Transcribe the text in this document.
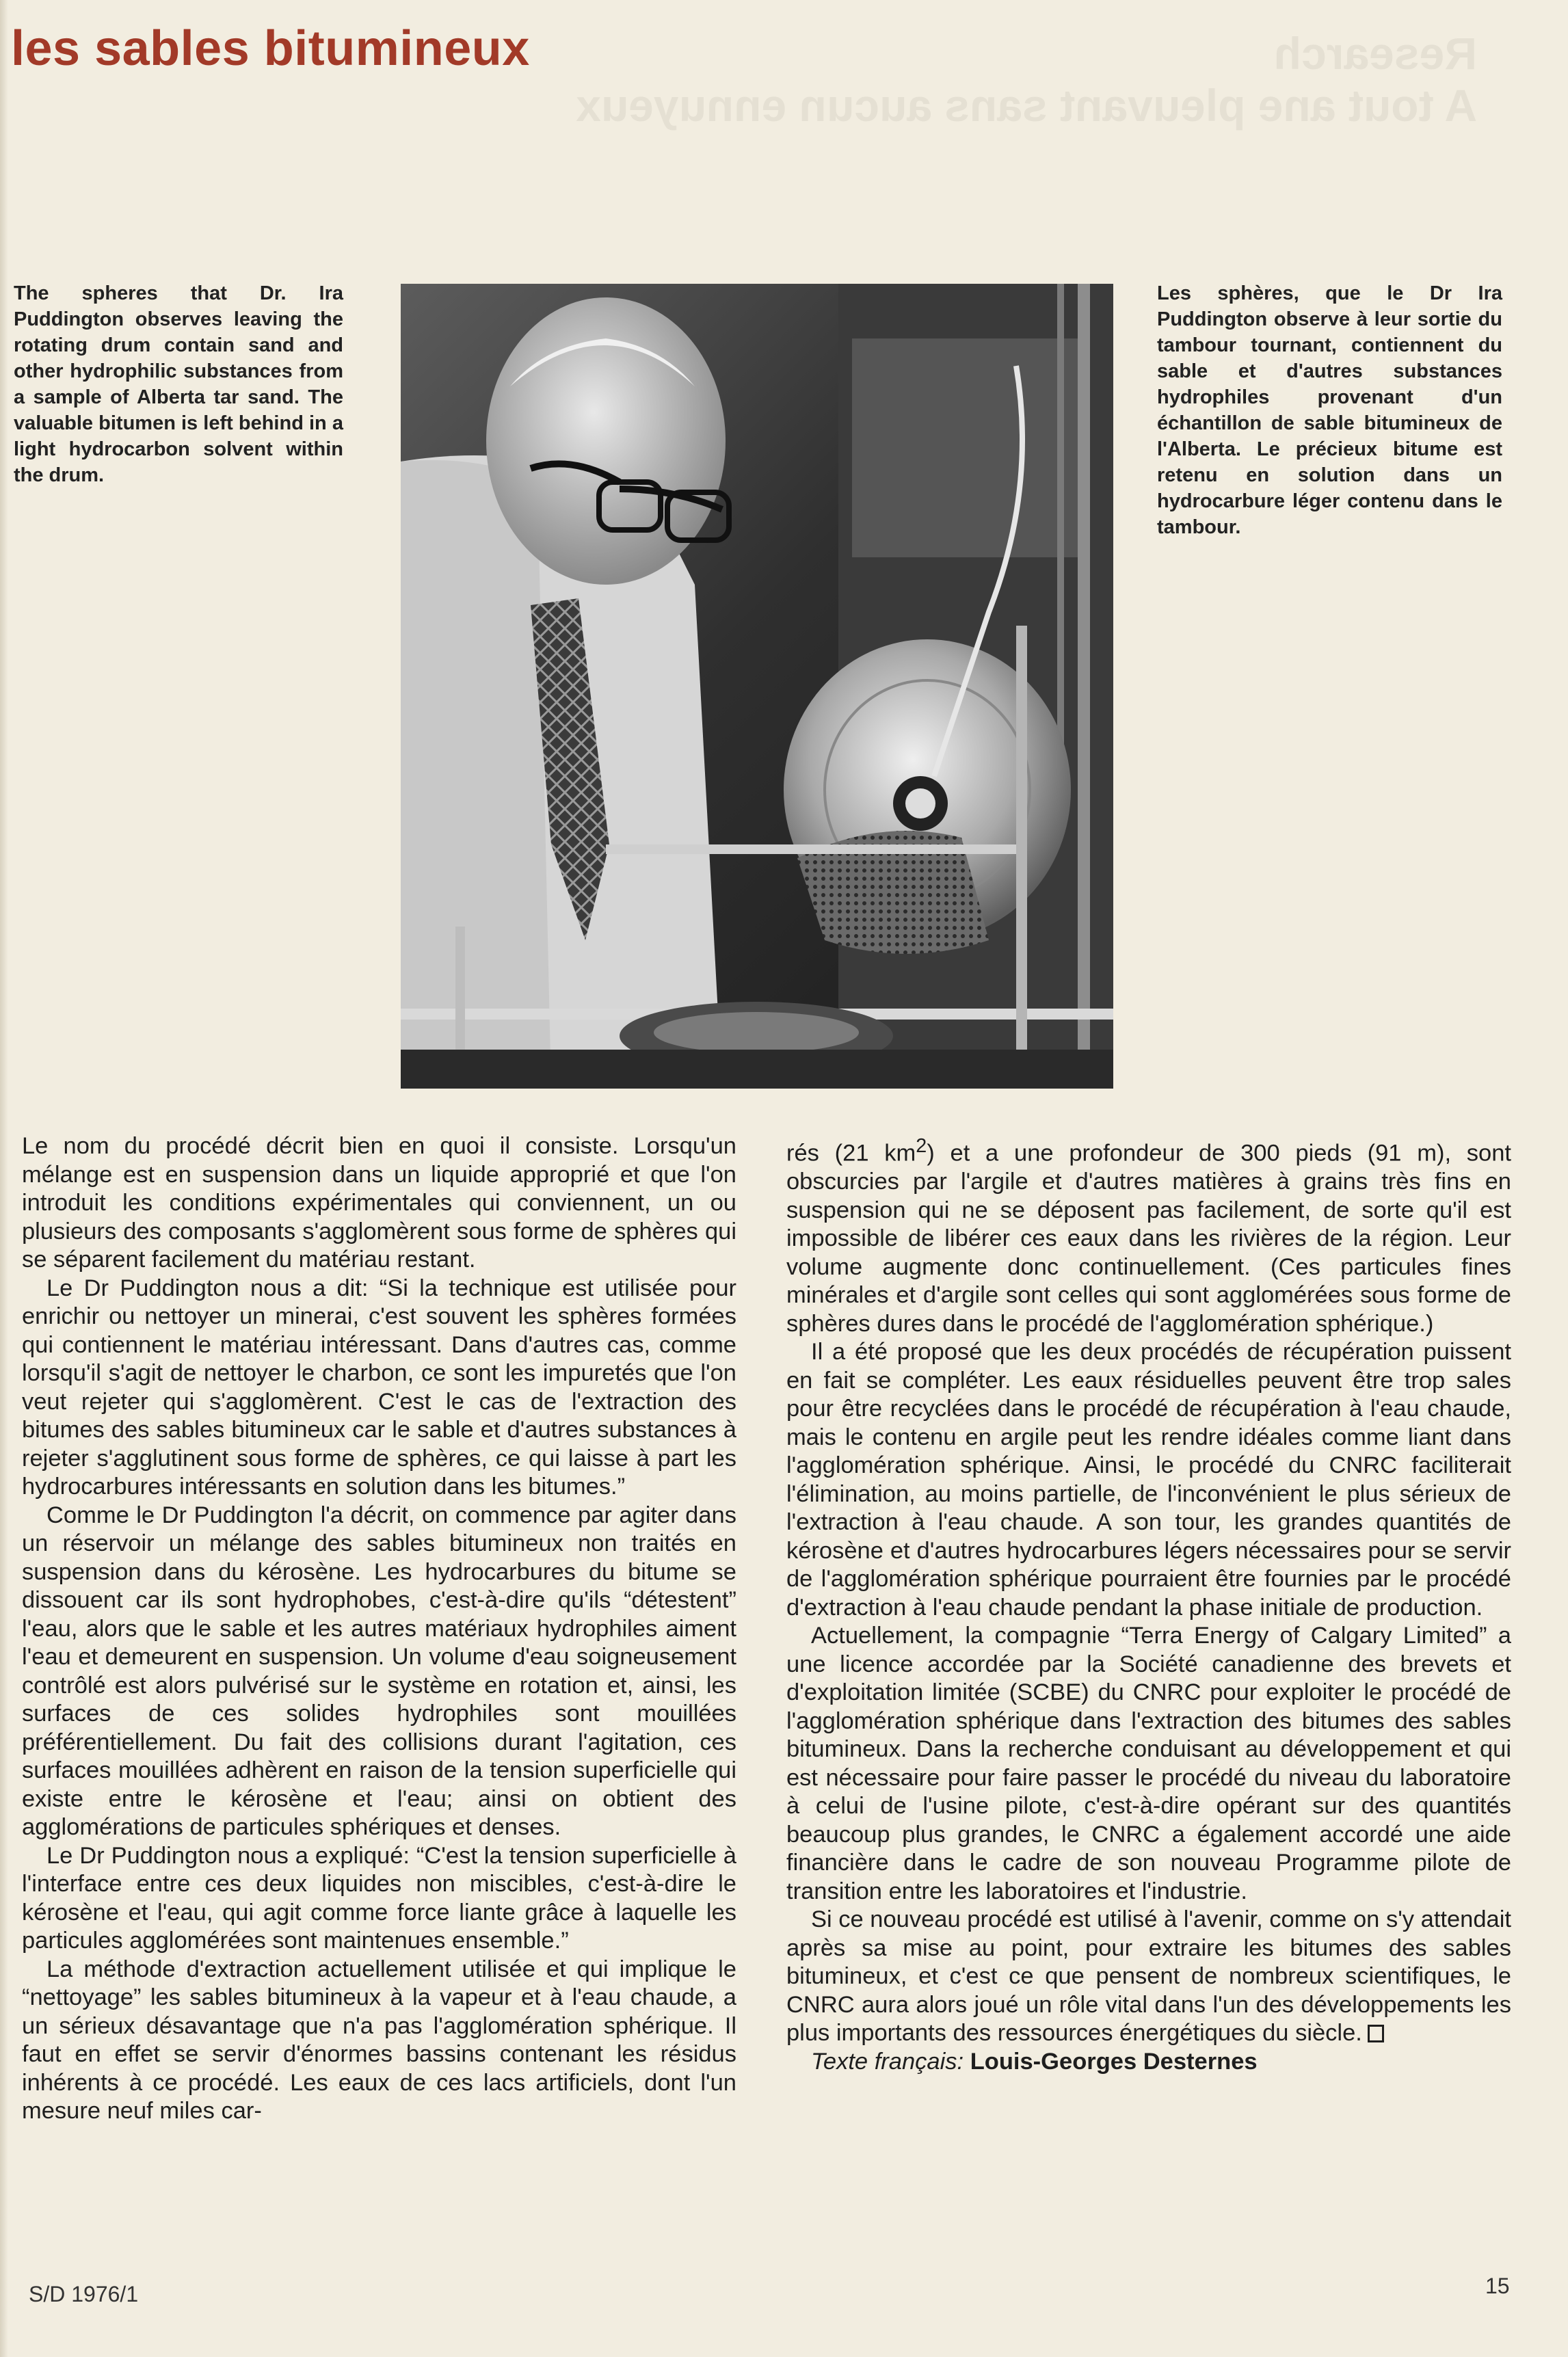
Research
A tout ane pleuvant sans aucun ennuyeux
les sables bitumineux

The spheres that Dr. Ira Puddington observes leaving the rotating drum contain sand and other hydrophilic substances from a sample of Alberta tar sand. The valuable bitumen is left behind in a light hydrocarbon solvent within the drum.

Les sphères, que le Dr Ira Puddington observe à leur sortie du tambour tournant, contiennent du sable et d'autres substances hydrophiles provenant d'un échantillon de sable bitumineux de l'Alberta. Le précieux bitume est retenu en solution dans un hydrocarbure léger contenu dans le tambour.

Le nom du procédé décrit bien en quoi il consiste. Lorsqu'un mélange est en suspension dans un liquide approprié et que l'on introduit les conditions expérimentales qui conviennent, un ou plusieurs des composants s'agglomèrent sous forme de sphères qui se séparent facilement du matériau restant.

Le Dr Puddington nous a dit: “Si la technique est utilisée pour enrichir ou nettoyer un minerai, c'est souvent les sphères formées qui contiennent le matériau intéressant. Dans d'autres cas, comme lorsqu'il s'agit de nettoyer le charbon, ce sont les impuretés que l'on veut rejeter qui s'agglomèrent. C'est le cas de l'extraction des bitumes des sables bitumineux car le sable et d'autres substances à rejeter s'agglutinent sous forme de sphères, ce qui laisse à part les hydrocarbures intéressants en solution dans les bitumes.”

Comme le Dr Puddington l'a décrit, on commence par agiter dans un réservoir un mélange des sables bitumineux non traités en suspension dans du kérosène. Les hydrocarbures du bitume se dissouent car ils sont hydrophobes, c'est-à-dire qu'ils “détestent” l'eau, alors que le sable et les autres matériaux hydrophiles aiment l'eau et demeurent en suspension. Un volume d'eau soigneusement contrôlé est alors pulvérisé sur le système en rotation et, ainsi, les surfaces de ces solides hydrophiles sont mouillées préférentiellement. Du fait des collisions durant l'agitation, ces surfaces mouillées adhèrent en raison de la tension superficielle qui existe entre le kérosène et l'eau; ainsi on obtient des agglomérations de particules sphériques et denses.

Le Dr Puddington nous a expliqué: “C'est la tension superficielle à l'interface entre ces deux liquides non miscibles, c'est-à-dire le kérosène et l'eau, qui agit comme force liante grâce à laquelle les particules agglomérées sont maintenues ensemble.”

La méthode d'extraction actuellement utilisée et qui implique le “nettoyage” les sables bitumineux à la vapeur et à l'eau chaude, a un sérieux désavantage que n'a pas l'agglomération sphérique. Il faut en effet se servir d'énormes bassins contenant les résidus inhérents à ce procédé. Les eaux de ces lacs artificiels, dont l'un mesure neuf miles car-

rés (21 $km^2$) et a une profondeur de 300 pieds (91 m), sont obscurcies par l'argile et d'autres matières à grains très fins en suspension qui ne se déposent pas facilement, de sorte qu'il est impossible de libérer ces eaux dans les rivières de la région. Leur volume augmente donc continuellement. (Ces particules fines minérales et d'argile sont celles qui sont agglomérées sous forme de sphères dures dans le procédé de l'agglomération sphérique.)

Il a été proposé que les deux procédés de récupération puissent en fait se compléter. Les eaux résiduelles peuvent être trop sales pour être recyclées dans le procédé de récupération à l'eau chaude, mais le contenu en argile peut les rendre idéales comme liant dans l'agglomération sphérique. Ainsi, le procédé du CNRC faciliterait l'élimination, au moins partielle, de l'inconvénient le plus sérieux de l'extraction à l'eau chaude. A son tour, les grandes quantités de kérosène et d'autres hydrocarbures légers nécessaires pour se servir de l'agglomération sphérique pourraient être fournies par le procédé d'extraction à l'eau chaude pendant la phase initiale de production.

Actuellement, la compagnie “Terra Energy of Calgary Limited” a une licence accordée par la Société canadienne des brevets et d'exploitation limitée (SCBE) du CNRC pour exploiter le procédé de l'agglomération sphérique dans l'extraction des bitumes des sables bitumineux. Dans la recherche conduisant au développement et qui est nécessaire pour faire passer le procédé du niveau du laboratoire à celui de l'usine pilote, c'est-à-dire opérant sur des quantités beaucoup plus grandes, le CNRC a également accordé une aide financière dans le cadre de son nouveau Programme pilote de transition entre les laboratoires et l'industrie.

Si ce nouveau procédé est utilisé à l'avenir, comme on s'y attendait après sa mise au point, pour extraire les bitumes des sables bitumineux, et c'est ce que pensent de nombreux scientifiques, le CNRC aura alors joué un rôle vital dans l'un des développements les plus importants des ressources énergétiques du siècle.

Texte français: Louis-Georges Desternes

S/D 1976/1	15
